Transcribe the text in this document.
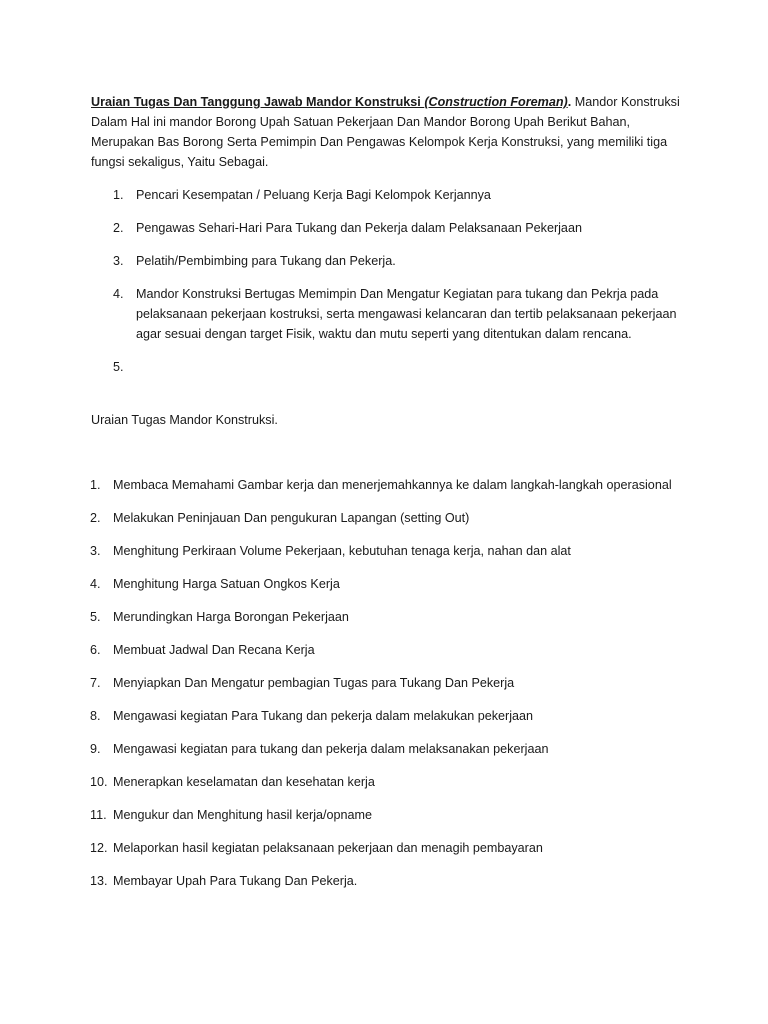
Uraian Tugas Dan Tanggung Jawab Mandor Konstruksi (Construction Foreman). Mandor Konstruksi
Dalam Hal ini mandor Borong Upah Satuan Pekerjaan Dan Mandor Borong Upah Berikut Bahan,
Merupakan Bas Borong Serta Pemimpin Dan Pengawas Kelompok Kerja Konstruksi, yang memiliki tiga
fungsi sekaligus, Yaitu Sebagai.
1. Pencari Kesempatan / Peluang Kerja Bagi Kelompok Kerjannya
2. Pengawas Sehari-Hari Para Tukang dan Pekerja dalam Pelaksanaan Pekerjaan
3. Pelatih/Pembimbing para Tukang dan Pekerja.
4. Mandor Konstruksi Bertugas Memimpin Dan Mengatur Kegiatan para tukang dan Pekrja pada
pelaksanaan pekerjaan kostruksi, serta mengawasi kelancaran dan tertib pelaksanaan pekerjaan
agar sesuai dengan target Fisik, waktu dan mutu seperti yang ditentukan dalam rencana.
5.
Uraian Tugas Mandor Konstruksi.
1. Membaca Memahami Gambar kerja dan menerjemahkannya ke dalam langkah-langkah operasional
2. Melakukan Peninjauan Dan pengukuran Lapangan (setting Out)
3. Menghitung Perkiraan Volume Pekerjaan, kebutuhan tenaga kerja, nahan dan alat
4. Menghitung Harga Satuan Ongkos Kerja
5. Merundingkan Harga Borongan Pekerjaan
6. Membuat Jadwal Dan Recana Kerja
7. Menyiapkan Dan Mengatur pembagian Tugas para Tukang Dan Pekerja
8. Mengawasi kegiatan Para Tukang dan pekerja dalam melakukan pekerjaan
9. Mengawasi kegiatan para tukang dan pekerja dalam melaksanakan pekerjaan
10. Menerapkan keselamatan dan kesehatan kerja
11. Mengukur dan Menghitung hasil kerja/opname
12. Melaporkan hasil kegiatan pelaksanaan pekerjaan dan menagih pembayaran
13. Membayar Upah Para Tukang Dan Pekerja.
